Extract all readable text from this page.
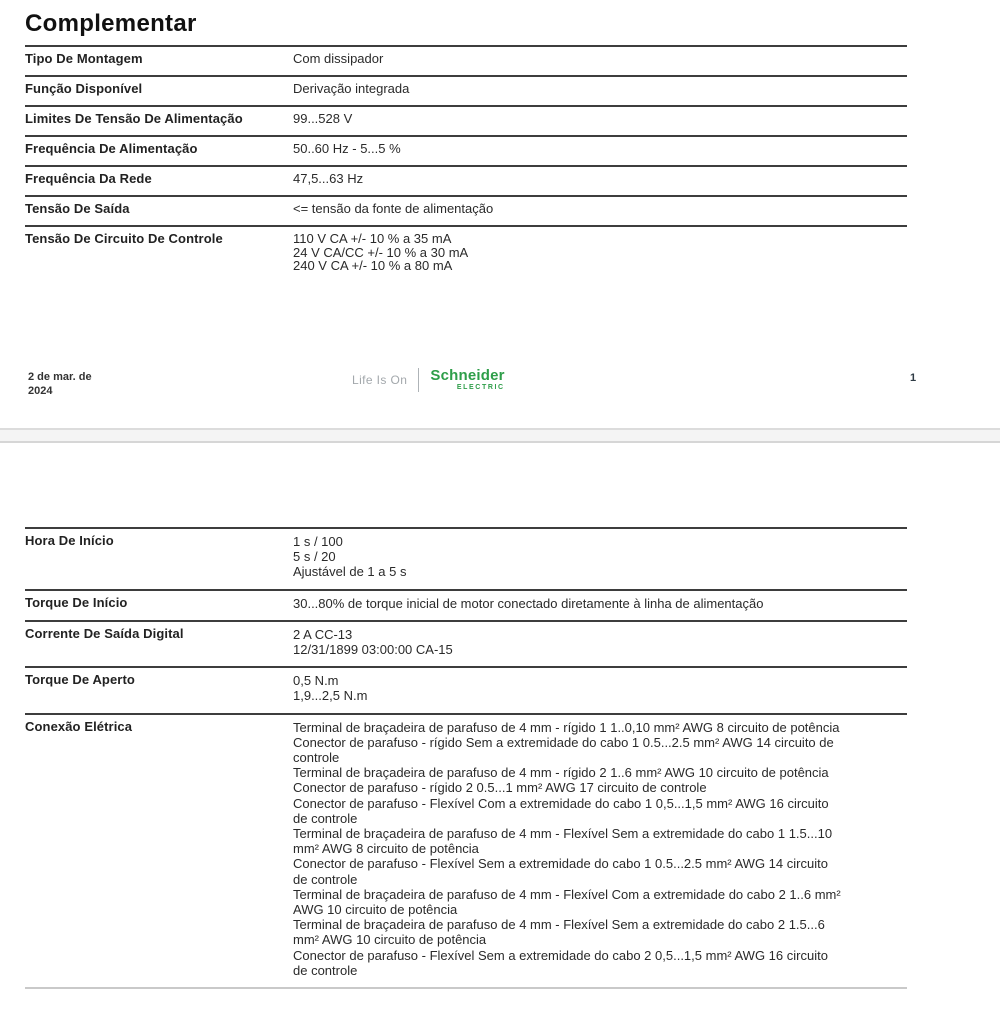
Complementar
Tipo De Montagem	Com dissipador
Função Disponível	Derivação integrada
Limites De Tensão De Alimentação	99...528 V
Frequência De Alimentação	50..60 Hz - 5...5 %
Frequência Da Rede	47,5...63 Hz
Tensão De Saída	<= tensão da fonte de alimentação
Tensão De Circuito De Controle	110 V CA +/- 10 % a 35 mA
24 V CA/CC +/- 10 % a 30 mA
240 V CA +/- 10 % a 80 mA
2 de mar. de
2024
Life Is On Schneider
ELECTRIC
1
Hora De Início	1 s / 100
5 s / 20
Ajustável de 1 a 5 s
Torque De Início	30...80% de torque inicial de motor conectado diretamente à linha de alimentação
Corrente De Saída Digital	2 A CC-13
12/31/1899 03:00:00 CA-15
Torque De Aperto	0,5 N.m
1,9...2,5 N.m
Conexão Elétrica	Terminal de braçadeira de parafuso de 4 mm - rígido 1 1..0,10 mm² AWG 8 circuito de potência
Conector de parafuso - rígido Sem a extremidade do cabo 1 0.5...2.5 mm² AWG 14 circuito de controle
Terminal de braçadeira de parafuso de 4 mm - rígido 2 1..6 mm² AWG 10 circuito de potência
Conector de parafuso - rígido 2 0.5...1 mm² AWG 17 circuito de controle
Conector de parafuso - Flexível Com a extremidade do cabo 1 0,5...1,5 mm² AWG 16 circuito de controle
Terminal de braçadeira de parafuso de 4 mm - Flexível Sem a extremidade do cabo 1 1.5...10 mm² AWG 8 circuito de potência
Conector de parafuso - Flexível Sem a extremidade do cabo 1 0.5...2.5 mm² AWG 14 circuito de controle
Terminal de braçadeira de parafuso de 4 mm - Flexível Com a extremidade do cabo 2 1..6 mm² AWG 10 circuito de potência
Terminal de braçadeira de parafuso de 4 mm - Flexível Sem a extremidade do cabo 2 1.5...6 mm² AWG 10 circuito de potência
Conector de parafuso - Flexível Sem a extremidade do cabo 2 0,5...1,5 mm² AWG 16 circuito de controle
